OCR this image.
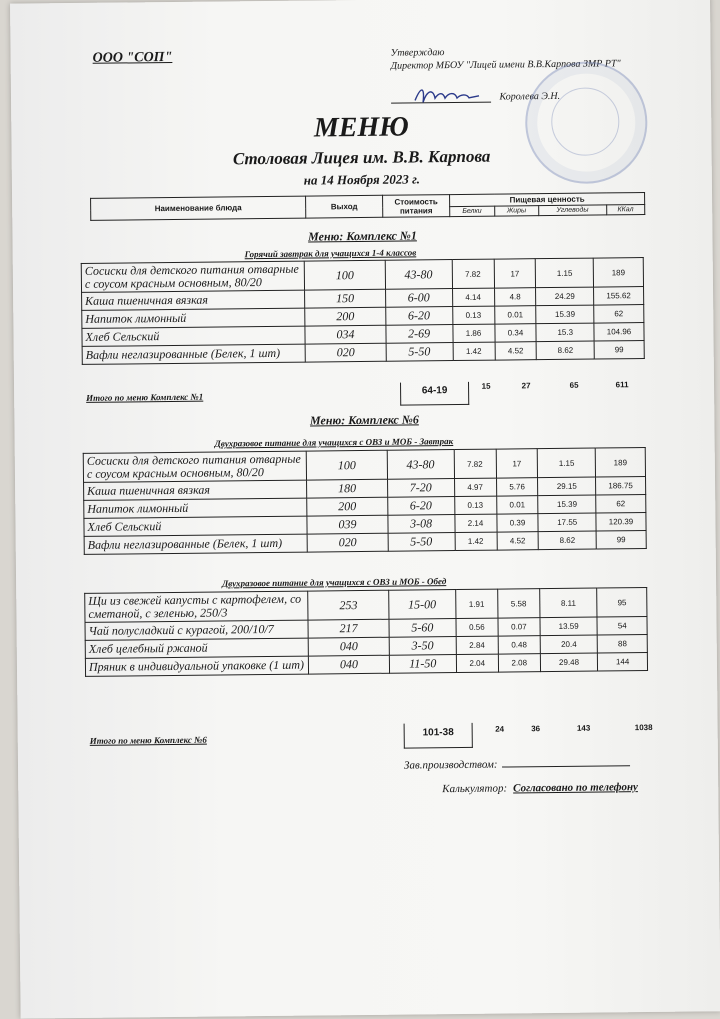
ООО "СОП"	Утверждаю
Директор МБОУ "Лицей имени В.В.Карпова ЗМР РТ"
Королева Э.Н.
МЕНЮ
Столовая Лицея им. В.В. Карпова
на 14 Ноября 2023 г.
Наименование блюда	Выход	Стоимость питания	Пищевая ценность			
			Белки	Жиры	Углеводы	ККал
Меню: Комплекс №1
Горячий завтрак для учащихся 1-4 классов
Сосиски для детского питания отварные с соусом красным основным, 80/20	100	43-80	7.82	17	1.15	189
Каша пшеничная вязкая	150	6-00	4.14	4.8	24.29	155.62
Напиток лимонный	200	6-20	0.13	0.01	15.39	62
Хлеб Сельский	034	2-69	1.86	0.34	15.3	104.96
Вафли неглазированные (Белек, 1 шт)	020	5-50	1.42	4.52	8.62	99
Итого по меню Комплекс №1
64-19	15	27	65	611
Меню: Комплекс №6
Двухразовое питание для учащихся с ОВЗ и МОБ - Завтрак
Сосиски для детского питания отварные с соусом красным основным, 80/20	100	43-80	7.82	17	1.15	189
Каша пшеничная вязкая	180	7-20	4.97	5.76	29.15	186.75
Напиток лимонный	200	6-20	0.13	0.01	15.39	62
Хлеб Сельский	039	3-08	2.14	0.39	17.55	120.39
Вафли неглазированные (Белек, 1 шт)	020	5-50	1.42	4.52	8.62	99
Двухразовое питание для учащихся с ОВЗ и МОБ - Обед
Щи из свежей капусты с картофелем, со сметаной, с зеленью, 250/3	253	15-00	1.91	5.58	8.11	95
Чай полусладкий с курагой, 200/10/7	217	5-60	0.56	0.07	13.59	54
Хлеб целебный ржаной	040	3-50	2.84	0.48	20.4	88
Пряник в индивидуальной упаковке (1 шт)	040	11-50	2.04	2.08	29.48	144
Итого по меню Комплекс №6
101-38	24	36	143	1038
Зав.производством:
Калькулятор: Согласовано по телефону
